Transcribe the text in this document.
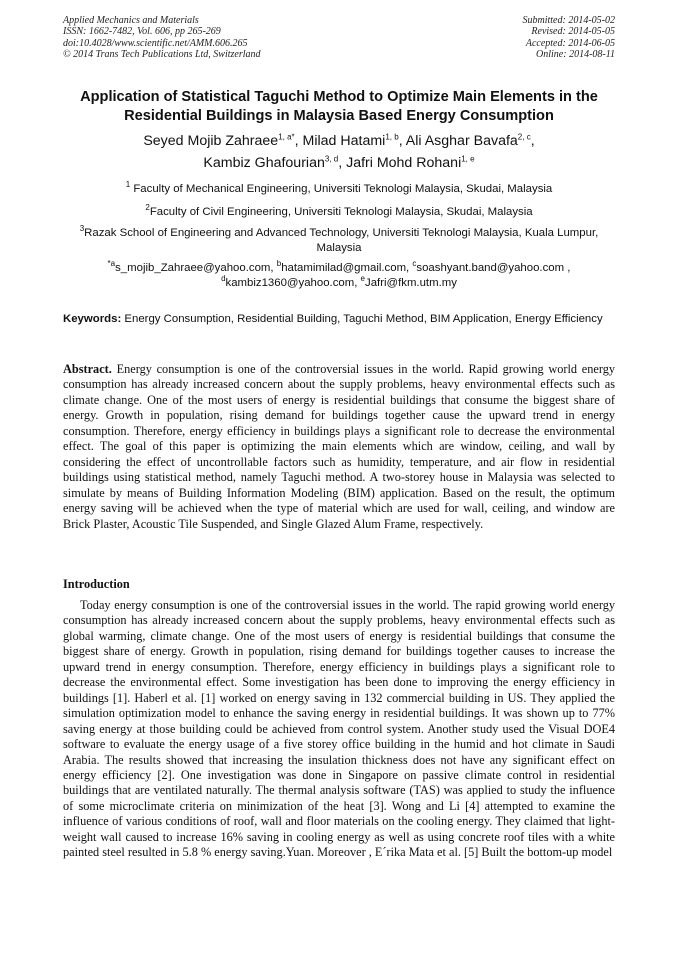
Applied Mechanics and Materials
ISSN: 1662-7482, Vol. 606, pp 265-269
doi:10.4028/www.scientific.net/AMM.606.265
© 2014 Trans Tech Publications Ltd, Switzerland
Submitted: 2014-05-02
Revised: 2014-05-05
Accepted: 2014-06-05
Online: 2014-08-11
Application of Statistical Taguchi Method to Optimize Main Elements in the Residential Buildings in Malaysia Based Energy Consumption
Seyed Mojib Zahraee$^{1, a*}$, Milad Hatami$^{1, b}$, Ali Asghar Bavafa$^{2, c}$,
Kambiz Ghafourian$^{3, d}$, Jafri Mohd Rohani$^{1, e}$
$^1$ Faculty of Mechanical Engineering, Universiti Teknologi Malaysia, Skudai, Malaysia
$^2$Faculty of Civil Engineering, Universiti Teknologi Malaysia, Skudai, Malaysia
$^3$Razak School of Engineering and Advanced Technology, Universiti Teknologi Malaysia, Kuala Lumpur, Malaysia
$^{*a}$s_mojib_Zahraee@yahoo.com, $^b$hatamimilad@gmail.com, $^c$soashyant.band@yahoo.com ,
$^d$kambiz1360@yahoo.com, $^e$Jafri@fkm.utm.my
Keywords: Energy Consumption, Residential Building, Taguchi Method, BIM Application, Energy Efficiency

Abstract. Energy consumption is one of the controversial issues in the world. Rapid growing world energy consumption has already increased concern about the supply problems, heavy environmental effects such as climate change. One of the most users of energy is residential buildings that consume the biggest share of energy. Growth in population, rising demand for buildings together cause the upward trend in energy consumption. Therefore, energy efficiency in buildings plays a significant role to decrease the environmental effect. The goal of this paper is optimizing the main elements which are window, ceiling, and wall by considering the effect of uncontrollable factors such as humidity, temperature, and air flow in residential buildings using statistical method, namely Taguchi method. A two-storey house in Malaysia was selected to simulate by means of Building Information Modeling (BIM) application. Based on the result, the optimum energy saving will be achieved when the type of material which are used for wall, ceiling, and window are Brick Plaster, Acoustic Tile Suspended, and Single Glazed Alum Frame, respectively.

Introduction

Today energy consumption is one of the controversial issues in the world. The rapid growing world energy consumption has already increased concern about the supply problems, heavy environmental effects such as global warming, climate change. One of the most users of energy is residential buildings that consume the biggest share of energy. Growth in population, rising demand for buildings together causes to increase the upward trend in energy consumption. Therefore, energy efficiency in buildings plays a significant role to decrease the environmental effect. Some investigation has been done to improving the energy efficiency in buildings [1]. Haberl et al. [1] worked on energy saving in 132 commercial building in US. They applied the simulation optimization model to enhance the saving energy in residential buildings. It was shown up to 77% saving energy at those building could be achieved from control system. Another study used the Visual DOE4 software to evaluate the energy usage of a five storey office building in the humid and hot climate in Saudi Arabia. The results showed that increasing the insulation thickness does not have any significant effect on energy efficiency [2]. One investigation was done in Singapore on passive climate control in residential buildings that are ventilated naturally. The thermal analysis software (TAS) was applied to study the influence of some microclimate criteria on minimization of the heat [3]. Wong and Li [4] attempted to examine the influence of various conditions of roof, wall and floor materials on the cooling energy. They claimed that light-weight wall caused to increase 16% saving in cooling energy as well as using concrete roof tiles with a white painted steel resulted in 5.8 % energy saving.Yuan. Moreover , E´rika Mata et al. [5] Built the bottom-up model
